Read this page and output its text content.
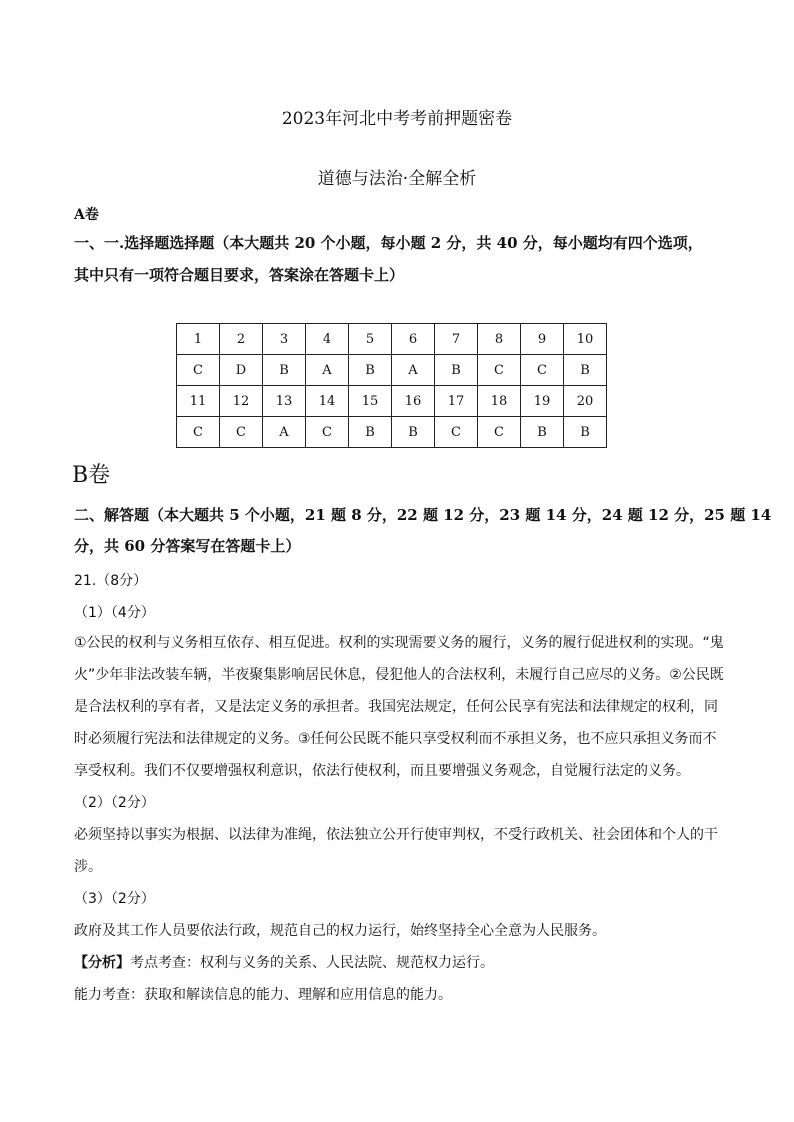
2023年河北中考考前押题密卷
道德与法治·全解全析
A卷
一、一.选择题选择题（本大题共 20 个小题，每小题 2 分，共 40 分，每小题均有四个选项，
其中只有一项符合题目要求，答案涂在答题卡上）
1	2	3	4	5	6	7	8	9	10
C	D	B	A	B	A	B	C	C	B
11	12	13	14	15	16	17	18	19	20
C	C	A	C	B	B	C	C	B	B
B卷
二、解答题（本大题共 5 个小题，21 题 8 分，22 题 12 分，23 题 14 分，24 题 12 分，25 题 14
分，共 60 分答案写在答题卡上）
21.（8分）
（1）（4分）
①公民的权利与义务相互依存、相互促进。权利的实现需要义务的履行，义务的履行促进权利的实现。“鬼
火”少年非法改装车辆，半夜聚集影响居民休息，侵犯他人的合法权利，未履行自己应尽的义务。②公民既
是合法权利的享有者，又是法定义务的承担者。我国宪法规定，任何公民享有宪法和法律规定的权利，同
时必须履行宪法和法律规定的义务。③任何公民既不能只享受权利而不承担义务，也不应只承担义务而不
享受权利。我们不仅要增强权利意识，依法行使权利，而且要增强义务观念，自觉履行法定的义务。
（2）（2分）
必须坚持以事实为根据、以法律为准绳，依法独立公开行使审判权，不受行政机关、社会团体和个人的干
涉。
（3）（2分）
政府及其工作人员要依法行政，规范自己的权力运行，始终坚持全心全意为人民服务。
【分析】考点考查：权利与义务的关系、人民法院、规范权力运行。
能力考查：获取和解读信息的能力、理解和应用信息的能力。
